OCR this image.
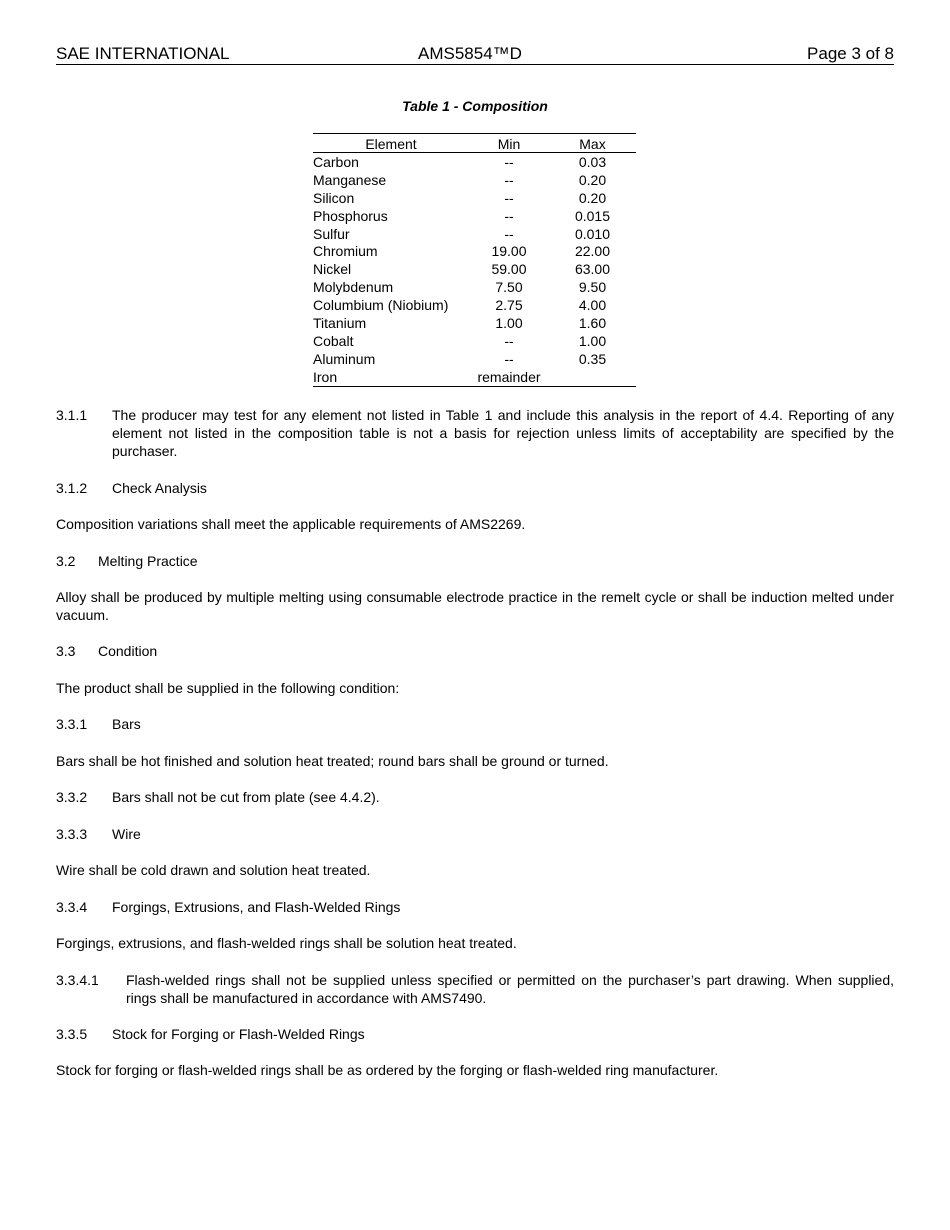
SAE INTERNATIONAL	AMS5854™D	Page 3 of 8
Table 1 - Composition
Element	Min	Max
Carbon	--	0.03
Manganese	--	0.20
Silicon	--	0.20
Phosphorus	--	0.015
Sulfur	--	0.010
Chromium	19.00	22.00
Nickel	59.00	63.00
Molybdenum	7.50	9.50
Columbium (Niobium)	2.75	4.00
Titanium	1.00	1.60
Cobalt	--	1.00
Aluminum	--	0.35
Iron	remainder	
3.1.1 The producer may test for any element not listed in Table 1 and include this analysis in the report of 4.4. Reporting of any element not listed in the composition table is not a basis for rejection unless limits of acceptability are specified by the purchaser.
3.1.2 Check Analysis
Composition variations shall meet the applicable requirements of AMS2269.
3.2 Melting Practice
Alloy shall be produced by multiple melting using consumable electrode practice in the remelt cycle or shall be induction melted under vacuum.
3.3 Condition
The product shall be supplied in the following condition:
3.3.1 Bars
Bars shall be hot finished and solution heat treated; round bars shall be ground or turned.
3.3.2 Bars shall not be cut from plate (see 4.4.2).
3.3.3 Wire
Wire shall be cold drawn and solution heat treated.
3.3.4 Forgings, Extrusions, and Flash-Welded Rings
Forgings, extrusions, and flash-welded rings shall be solution heat treated.
3.3.4.1 Flash-welded rings shall not be supplied unless specified or permitted on the purchaser’s part drawing. When supplied, rings shall be manufactured in accordance with AMS7490.
3.3.5 Stock for Forging or Flash-Welded Rings
Stock for forging or flash-welded rings shall be as ordered by the forging or flash-welded ring manufacturer.
